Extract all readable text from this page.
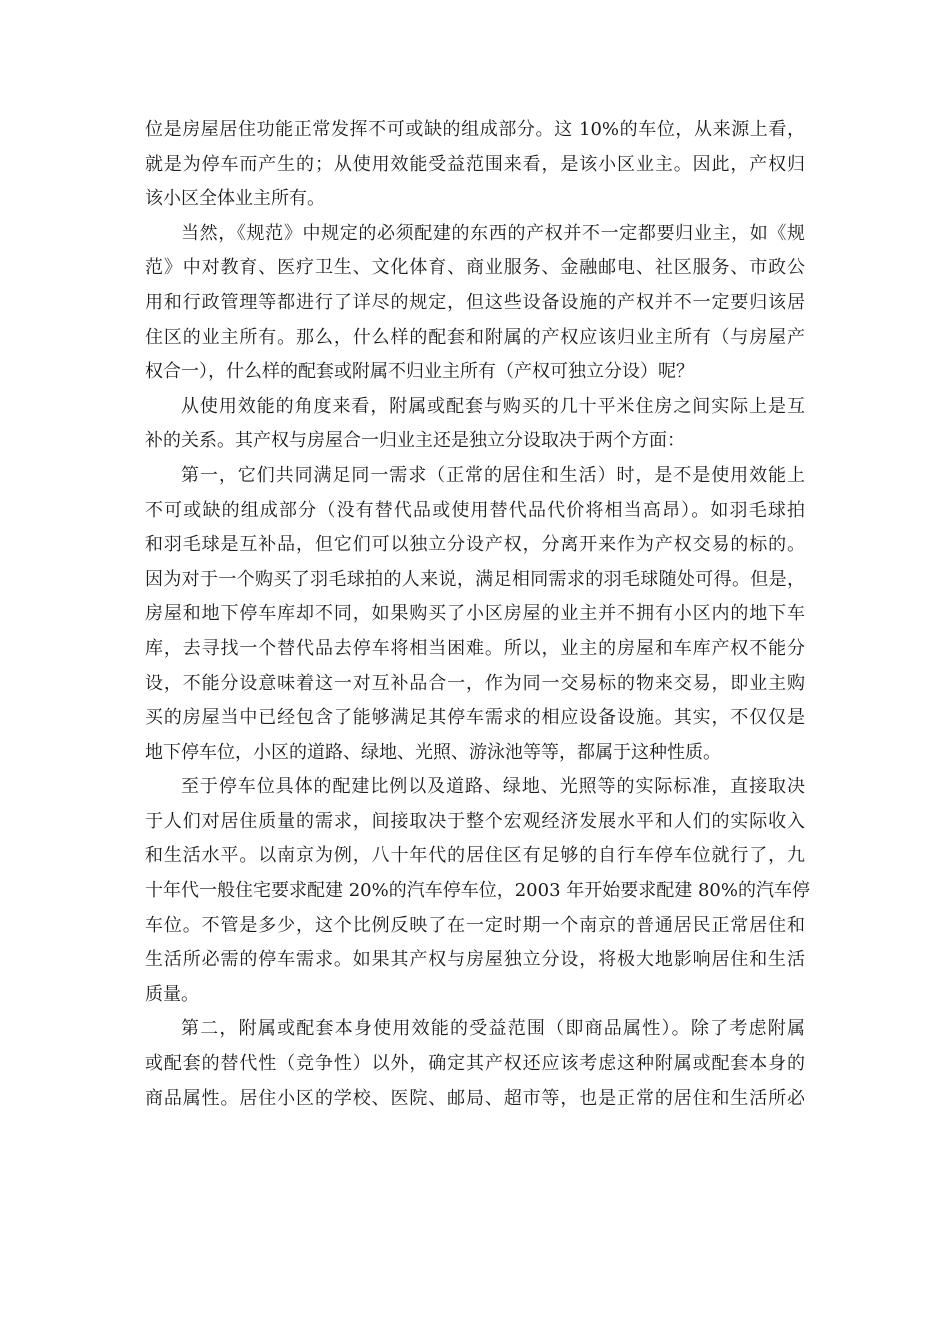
位是房屋居住功能正常发挥不可或缺的组成部分。这 10%的车位，从来源上看，
就是为停车而产生的；从使用效能受益范围来看，是该小区业主。因此，产权归
该小区全体业主所有。
当然，《规范》中规定的必须配建的东西的产权并不一定都要归业主，如《规
范》中对教育、医疗卫生、文化体育、商业服务、金融邮电、社区服务、市政公
用和行政管理等都进行了详尽的规定，但这些设备设施的产权并不一定要归该居
住区的业主所有。那么，什么样的配套和附属的产权应该归业主所有（与房屋产
权合一），什么样的配套或附属不归业主所有（产权可独立分设）呢？
从使用效能的角度来看，附属或配套与购买的几十平米住房之间实际上是互
补的关系。其产权与房屋合一归业主还是独立分设取决于两个方面：
第一，它们共同满足同一需求（正常的居住和生活）时，是不是使用效能上
不可或缺的组成部分（没有替代品或使用替代品代价将相当高昂）。如羽毛球拍
和羽毛球是互补品，但它们可以独立分设产权，分离开来作为产权交易的标的。
因为对于一个购买了羽毛球拍的人来说，满足相同需求的羽毛球随处可得。但是，
房屋和地下停车库却不同，如果购买了小区房屋的业主并不拥有小区内的地下车
库，去寻找一个替代品去停车将相当困难。所以，业主的房屋和车库产权不能分
设，不能分设意味着这一对互补品合一，作为同一交易标的物来交易，即业主购
买的房屋当中已经包含了能够满足其停车需求的相应设备设施。其实，不仅仅是
地下停车位，小区的道路、绿地、光照、游泳池等等，都属于这种性质。
至于停车位具体的配建比例以及道路、绿地、光照等的实际标准，直接取决
于人们对居住质量的需求，间接取决于整个宏观经济发展水平和人们的实际收入
和生活水平。以南京为例，八十年代的居住区有足够的自行车停车位就行了，九
十年代一般住宅要求配建 20%的汽车停车位，2003 年开始要求配建 80%的汽车停
车位。不管是多少，这个比例反映了在一定时期一个南京的普通居民正常居住和
生活所必需的停车需求。如果其产权与房屋独立分设，将极大地影响居住和生活
质量。
第二，附属或配套本身使用效能的受益范围（即商品属性）。除了考虑附属
或配套的替代性（竞争性）以外，确定其产权还应该考虑这种附属或配套本身的
商品属性。居住小区的学校、医院、邮局、超市等，也是正常的居住和生活所必
